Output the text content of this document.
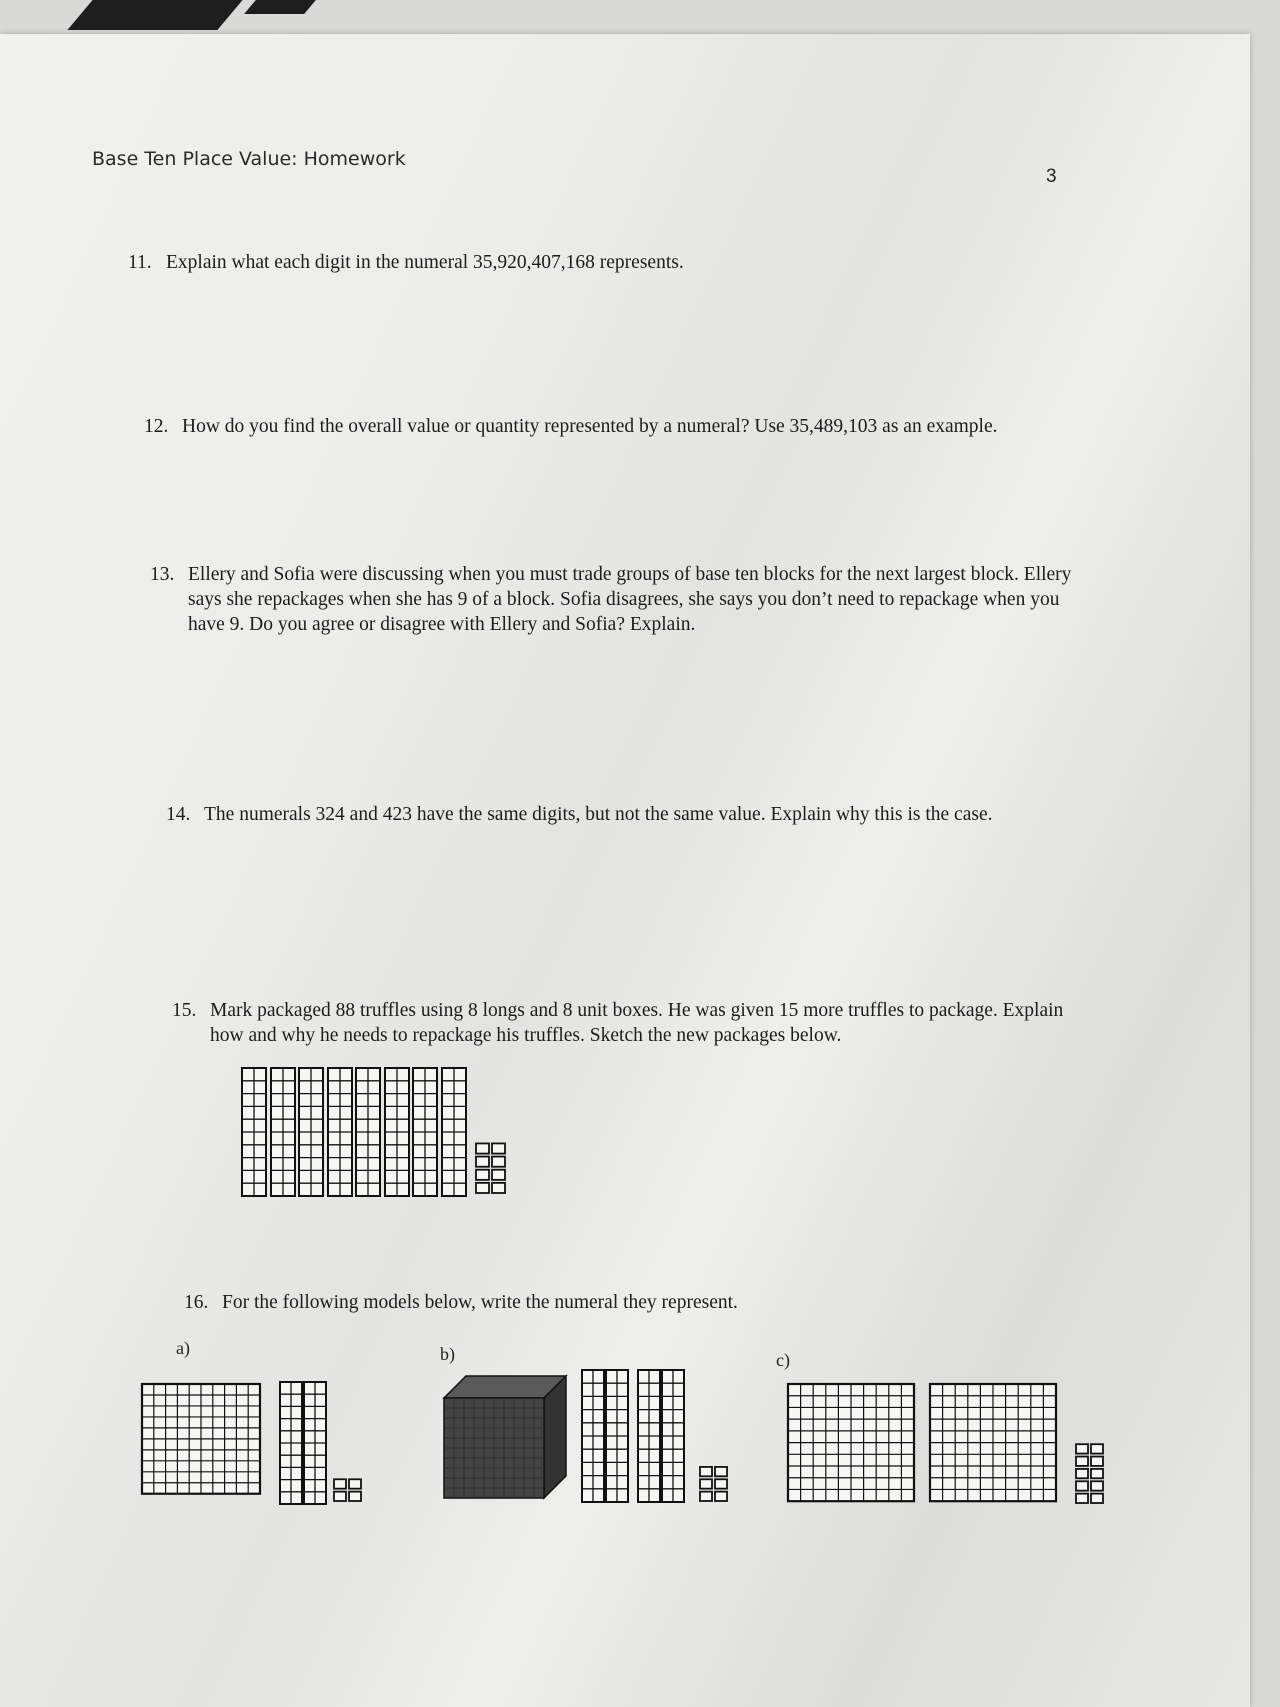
Base Ten Place Value: Homework
3
11. Explain what each digit in the numeral 35,920,407,168 represents.
12. How do you find the overall value or quantity represented by a numeral? Use 35,489,103 as an example.
13. Ellery and Sofia were discussing when you must trade groups of base ten blocks for the next largest block. Ellery says she repackages when she has 9 of a block. Sofia disagrees, she says you don’t need to repackage when you have 9. Do you agree or disagree with Ellery and Sofia? Explain.
14. The numerals 324 and 423 have the same digits, but not the same value. Explain why this is the case.
15. Mark packaged 88 truffles using 8 longs and 8 unit boxes. He was given 15 more truffles to package. Explain how and why he needs to repackage his truffles. Sketch the new packages below.
16. For the following models below, write the numeral they represent.
a)	b)	c)
